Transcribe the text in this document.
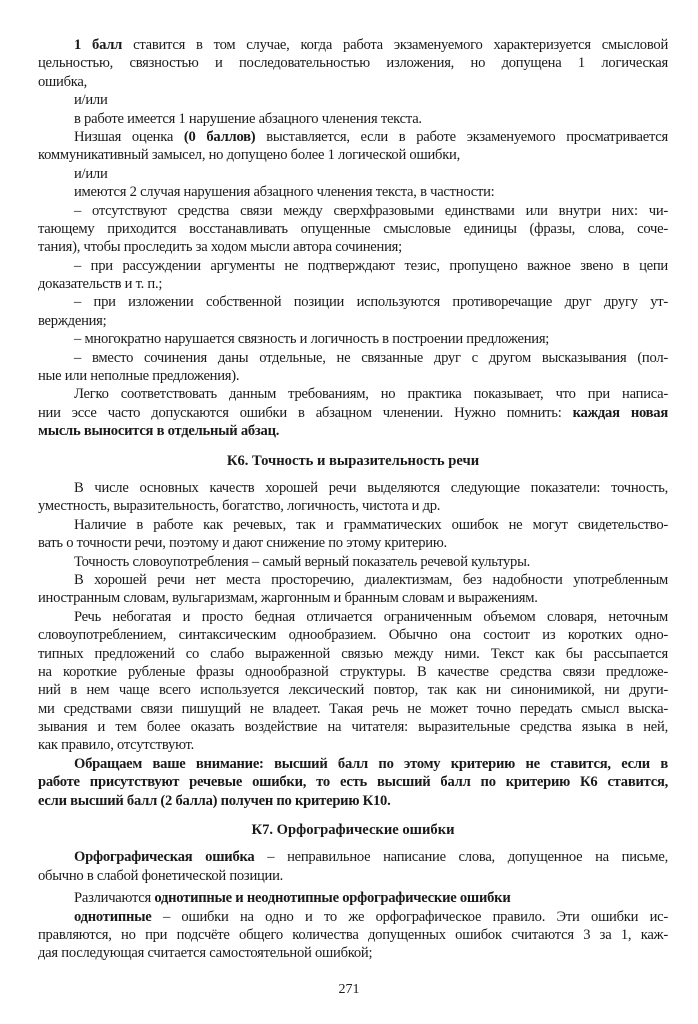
1 балл ставится в том случае, когда работа экзаменуемого характеризуется смысловой
цельностью, связностью и последовательностью изложения, но допущена 1 логическая
ошибка,
и/или
в работе имеется 1 нарушение абзацного членения текста.
Низшая оценка (0 баллов) выставляется, если в работе экзаменуемого просматривается
коммуникативный замысел, но допущено более 1 логической ошибки,
и/или
имеются 2 случая нарушения абзацного членения текста, в частности:
– отсутствуют средства связи между сверхфразовыми единствами или внутри них: чи-
тающему приходится восстанавливать опущенные смысловые единицы (фразы, слова, соче-
тания), чтобы проследить за ходом мысли автора сочинения;
– при рассуждении аргументы не подтверждают тезис, пропущено важное звено в цепи
доказательств и т. п.;
– при изложении собственной позиции используются противоречащие друг другу ут-
верждения;
– многократно нарушается связность и логичность в построении предложения;
– вместо сочинения даны отдельные, не связанные друг с другом высказывания (пол-
ные или неполные предложения).
Легко соответствовать данным требованиям, но практика показывает, что при написа-
нии эссе часто допускаются ошибки в абзацном членении. Нужно помнить: каждая новая
мысль выносится в отдельный абзац.
К6. Точность и выразительность речи
В числе основных качеств хорошей речи выделяются следующие показатели: точность,
уместность, выразительность, богатство, логичность, чистота и др.
Наличие в работе как речевых, так и грамматических ошибок не могут свидетельство-
вать о точности речи, поэтому и дают снижение по этому критерию.
Точность словоупотребления – самый верный показатель речевой культуры.
В хорошей речи нет места просторечию, диалектизмам, без надобности употребленным
иностранным словам, вульгаризмам, жаргонным и бранным словам и выражениям.
Речь небогатая и просто бедная отличается ограниченным объемом словаря, неточным
словоупотреблением, синтаксическим однообразием. Обычно она состоит из коротких одно-
типных предложений со слабо выраженной связью между ними. Текст как бы рассыпается
на короткие рубленые фразы однообразной структуры. В качестве средства связи предложе-
ний в нем чаще всего используется лексический повтор, так как ни синонимикой, ни други-
ми средствами связи пишущий не владеет. Такая речь не может точно передать смысл выска-
зывания и тем более оказать воздействие на читателя: выразительные средства языка в ней,
как правило, отсутствуют.
Обращаем ваше внимание: высший балл по этому критерию не ставится, если в
работе присутствуют речевые ошибки, то есть высший балл по критерию К6 ставится,
если высший балл (2 балла) получен по критерию К10.
К7. Орфографические ошибки
Орфографическая ошибка – неправильное написание слова, допущенное на письме,
обычно в слабой фонетической позиции.
Различаются однотипные и неоднотипные орфографические ошибки
однотипные – ошибки на одно и то же орфографическое правило. Эти ошибки ис-
правляются, но при подсчёте общего количества допущенных ошибок считаются 3 за 1, каж-
дая последующая считается самостоятельной ошибкой;
271
